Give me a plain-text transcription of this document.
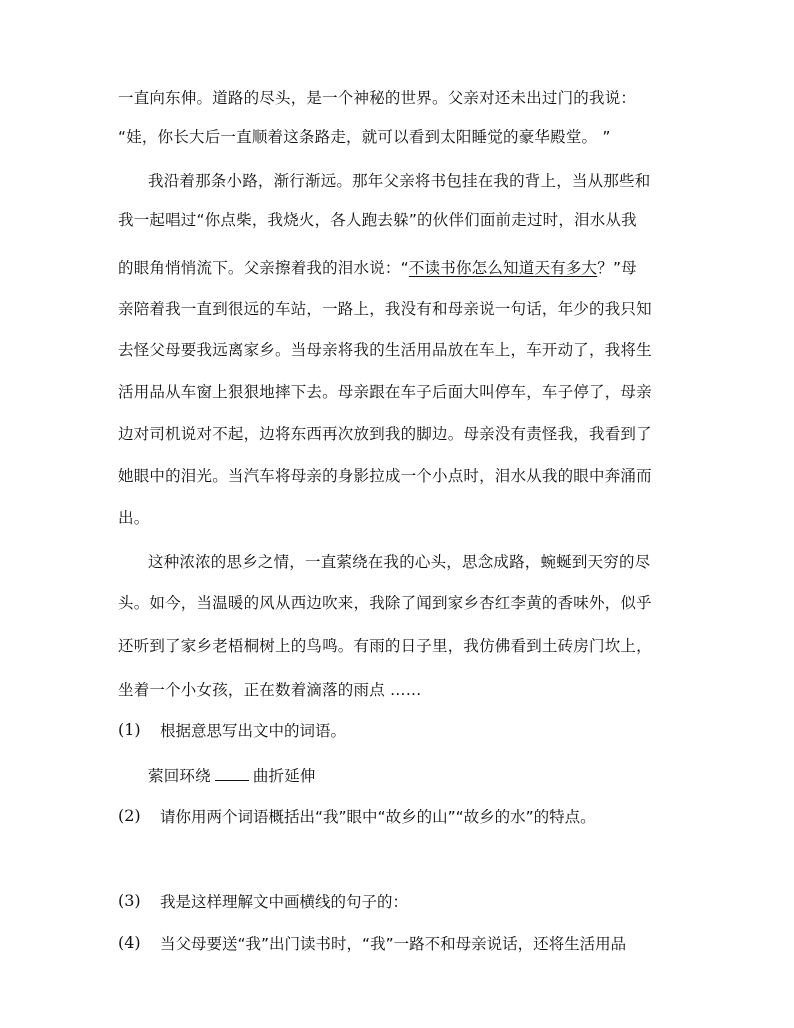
一直向东伸。道路的尽头，是一个神秘的世界。父亲对还未出过门的我说：
“娃，你长大后一直顺着这条路走，就可以看到太阳睡觉的豪华殿堂。 ”
我沿着那条小路，渐行渐远。那年父亲将书包挂在我的背上，当从那些和
我一起唱过“你点柴，我烧火，各人跑去躲”的伙伴们面前走过时，泪水从我
的眼角悄悄流下。父亲擦着我的泪水说：“不读书你怎么知道天有多大？”母
亲陪着我一直到很远的车站，一路上，我没有和母亲说一句话，年少的我只知
去怪父母要我远离家乡。当母亲将我的生活用品放在车上，车开动了，我将生
活用品从车窗上狠狠地摔下去。母亲跟在车子后面大叫停车，车子停了，母亲
边对司机说对不起，边将东西再次放到我的脚边。母亲没有责怪我，我看到了
她眼中的泪光。当汽车将母亲的身影拉成一个小点时，泪水从我的眼中奔涌而
出。
这种浓浓的思乡之情，一直萦绕在我的心头，思念成路，蜿蜒到天穷的尽
头。如今，当温暖的风从西边吹来，我除了闻到家乡杏红李黄的香味外，似乎
还听到了家乡老梧桐树上的鸟鸣。有雨的日子里，我仿佛看到土砖房门坎上，
坐着一个小女孩，正在数着滴落的雨点 ……
(1) 根据意思写出文中的词语。
萦回环绕	曲折延伸
(2) 请你用两个词语概括出“我”眼中“故乡的山”“故乡的水”的特点。
(3) 我是这样理解文中画横线的句子的：
(4) 当父母要送“我”出门读书时，“我”一路不和母亲说话，还将生活用品
